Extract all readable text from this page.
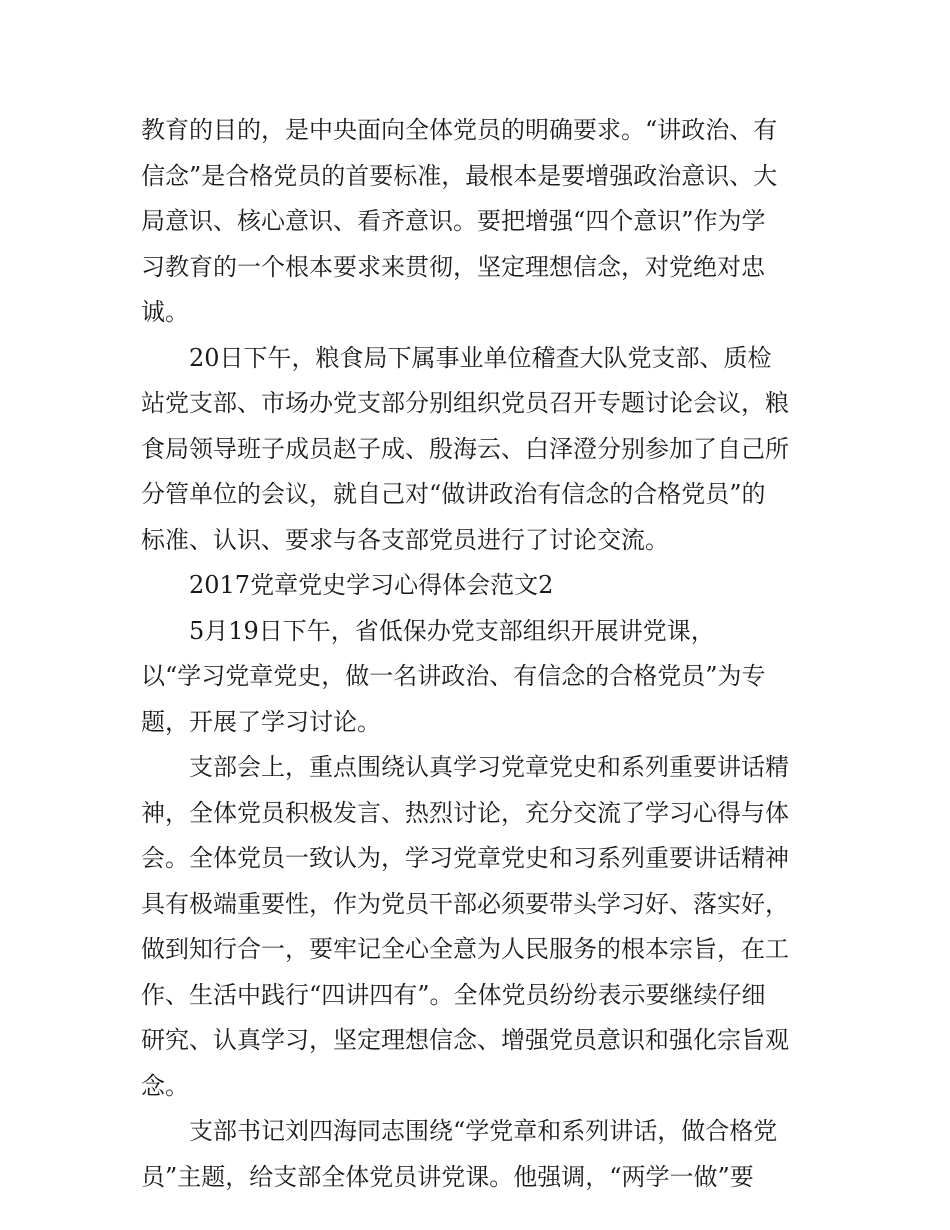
教育的目的，是中央面向全体党员的明确要求。“讲政治、有
信念”是合格党员的首要标准，最根本是要增强政治意识、大
局意识、核心意识、看齐意识。要把增强“四个意识”作为学
习教育的一个根本要求来贯彻，坚定理想信念，对党绝对忠
诚。
20日下午，粮食局下属事业单位稽查大队党支部、质检
站党支部、市场办党支部分别组织党员召开专题讨论会议，粮
食局领导班子成员赵子成、殷海云、白泽澄分别参加了自己所
分管单位的会议，就自己对“做讲政治有信念的合格党员”的
标准、认识、要求与各支部党员进行了讨论交流。
2017党章党史学习心得体会范文2
5月19日下午，省低保办党支部组织开展讲党课，
以“学习党章党史，做一名讲政治、有信念的合格党员”为专
题，开展了学习讨论。
支部会上，重点围绕认真学习党章党史和系列重要讲话精
神，全体党员积极发言、热烈讨论，充分交流了学习心得与体
会。全体党员一致认为，学习党章党史和习系列重要讲话精神
具有极端重要性，作为党员干部必须要带头学习好、落实好，
做到知行合一，要牢记全心全意为人民服务的根本宗旨，在工
作、生活中践行“四讲四有”。全体党员纷纷表示要继续仔细
研究、认真学习，坚定理想信念、增强党员意识和强化宗旨观
念。
支部书记刘四海同志围绕“学党章和系列讲话，做合格党
员”主题，给支部全体党员讲党课。他强调，“两学一做”要
